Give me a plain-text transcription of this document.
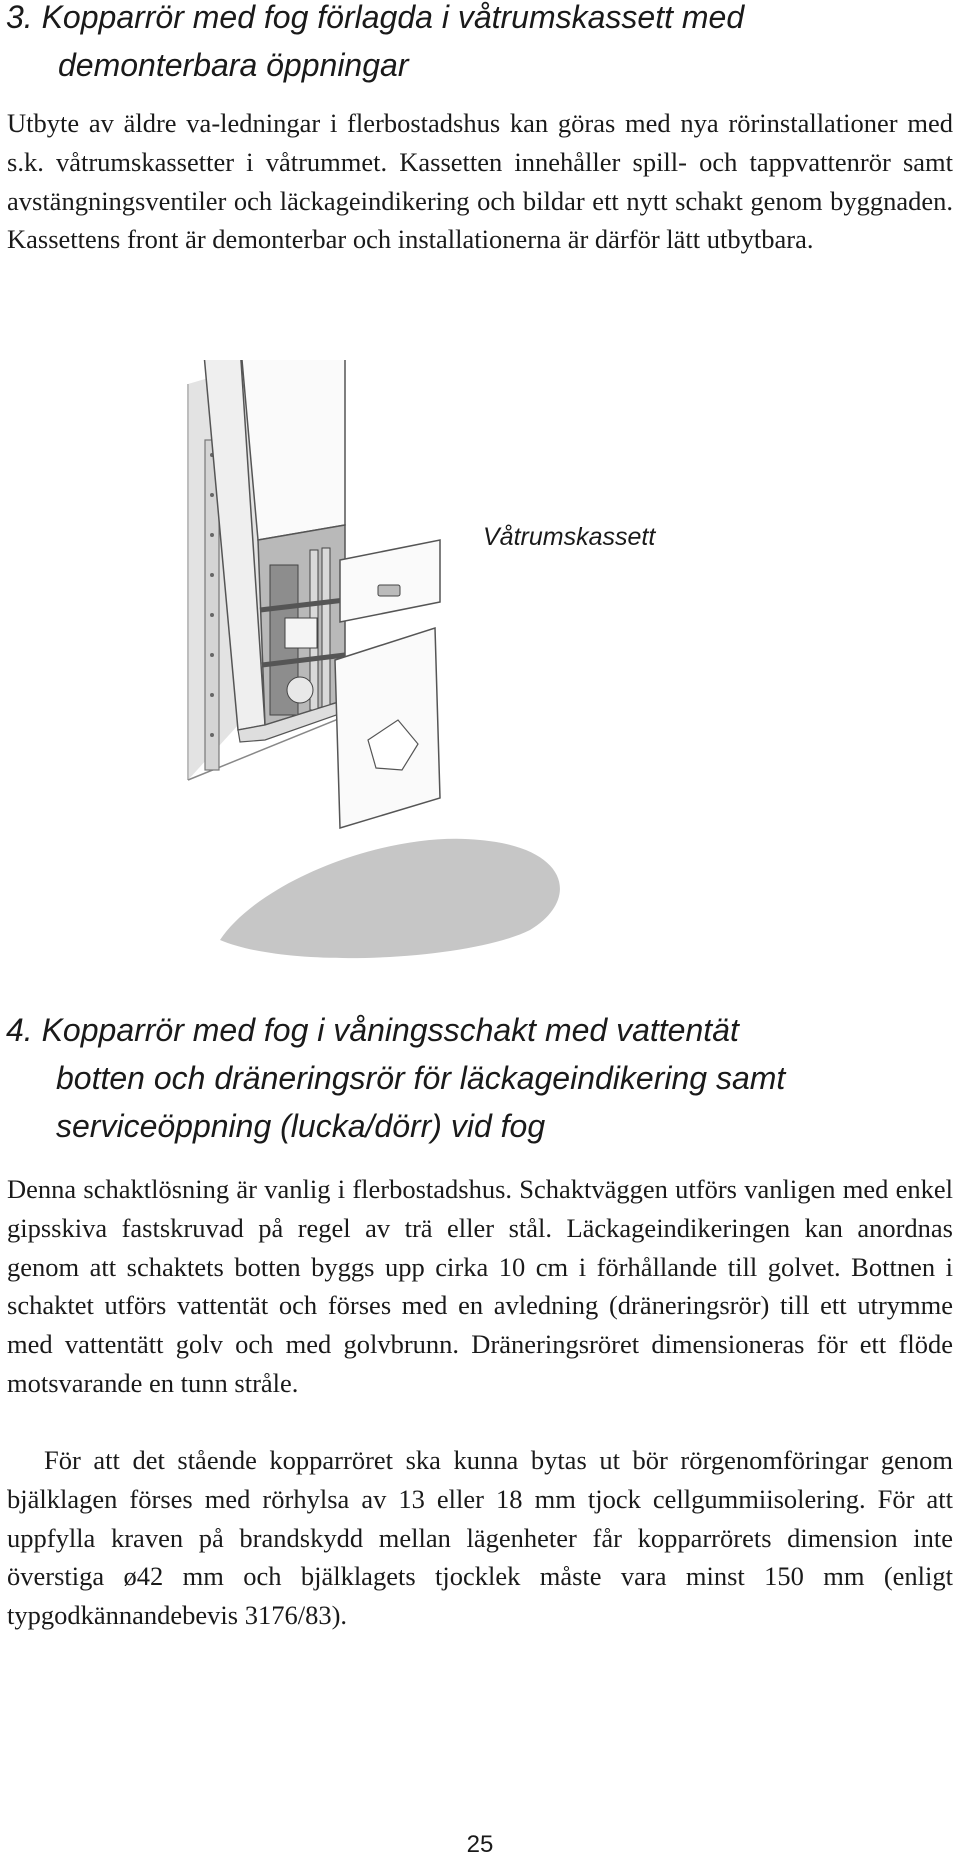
3. Kopparrör med fog förlagda i våtrumskassett med
demonterbara öppningar

Utbyte av äldre va-ledningar i flerbostadshus kan göras med nya rörinstallationer med s.k. våtrumskassetter i våtrummet. Kassetten innehåller spill- och tappvattenrör samt avstängningsventiler och läckageindikering och bildar ett nytt schakt genom byggnaden. Kassettens front är demonterbar och installationerna är därför lätt utbytbara.

Våtrumskassett
4. Kopparrör med fog i våningsschakt med vattentät
botten och dräneringsrör för läckageindikering samt
serviceöppning (lucka/dörr) vid fog

Denna schaktlösning är vanlig i flerbostadshus. Schaktväggen utförs vanligen med enkel gipsskiva fastskruvad på regel av trä eller stål. Läckageindikeringen kan anordnas genom att schaktets botten byggs upp cirka 10 cm i förhållande till golvet. Bottnen i schaktet utförs vattentät och förses med en avledning (dräneringsrör) till ett utrymme med vattentätt golv och med golvbrunn. Dräneringsröret dimensioneras för ett flöde motsvarande en tunn stråle.

För att det stående kopparröret ska kunna bytas ut bör rörgenomföringar genom bjälklagen förses med rörhylsa av 13 eller 18 mm tjock cellgummiisolering. För att uppfylla kraven på brandskydd mellan lägenheter får kopparrörets dimension inte överstiga ø42 mm och bjälklagets tjocklek måste vara minst 150 mm (enligt typgodkännandebevis 3176/83).

25
